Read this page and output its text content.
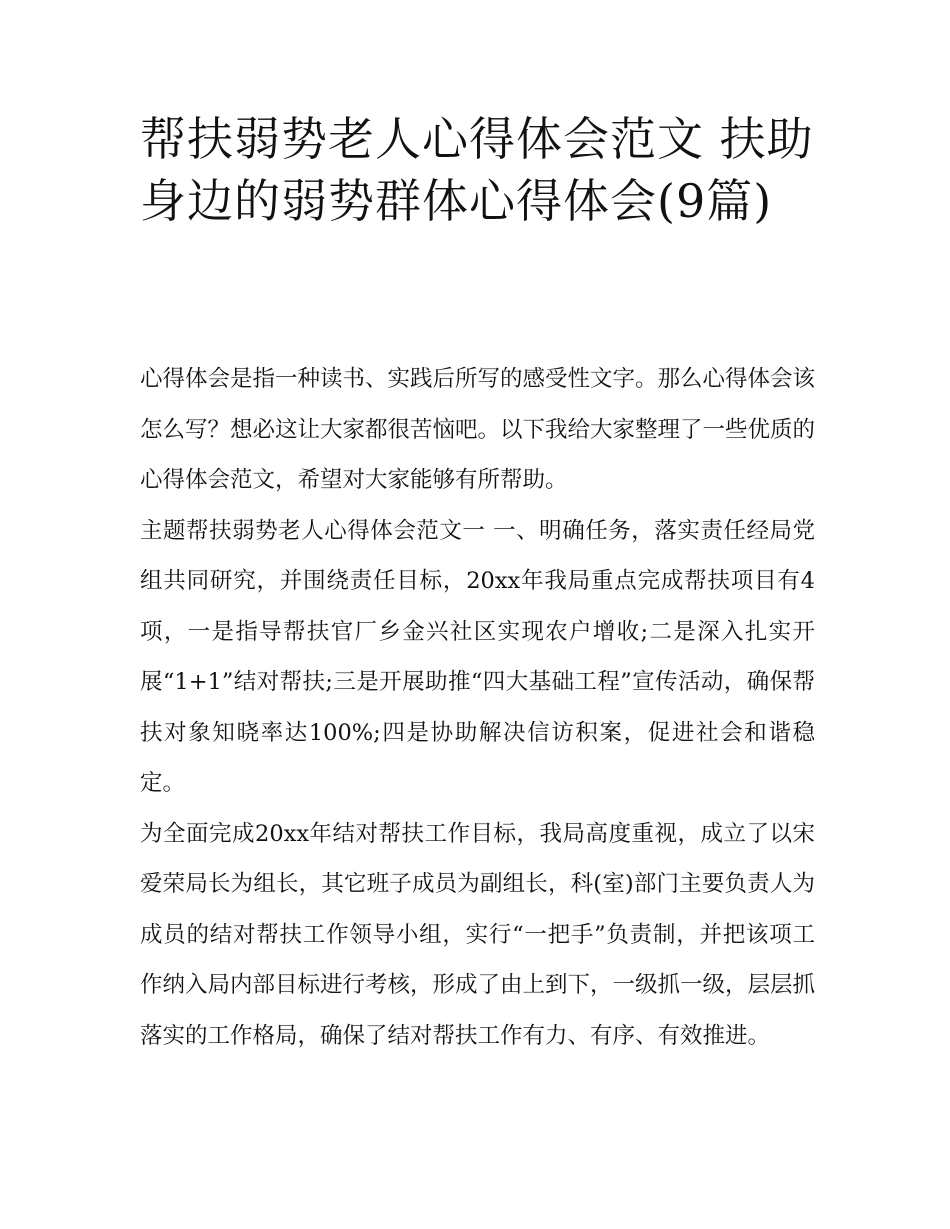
帮扶弱势老人心得体会范文 扶助身边的弱势群体心得体会(9篇)

心得体会是指一种读书、实践后所写的感受性文字。那么心得体会该怎么写？想必这让大家都很苦恼吧。以下我给大家整理了一些优质的心得体会范文，希望对大家能够有所帮助。

主题帮扶弱势老人心得体会范文一 一、明确任务，落实责任经局党组共同研究，并围绕责任目标，20xx年我局重点完成帮扶项目有4项，一是指导帮扶官厂乡金兴社区实现农户增收;二是深入扎实开展“1+1”结对帮扶;三是开展助推“四大基础工程”宣传活动，确保帮扶对象知晓率达100%;四是协助解决信访积案，促进社会和谐稳定。

为全面完成20xx年结对帮扶工作目标，我局高度重视，成立了以宋爱荣局长为组长，其它班子成员为副组长，科(室)部门主要负责人为成员的结对帮扶工作领导小组，实行“一把手”负责制，并把该项工作纳入局内部目标进行考核，形成了由上到下，一级抓一级，层层抓落实的工作格局，确保了结对帮扶工作有力、有序、有效推进。
